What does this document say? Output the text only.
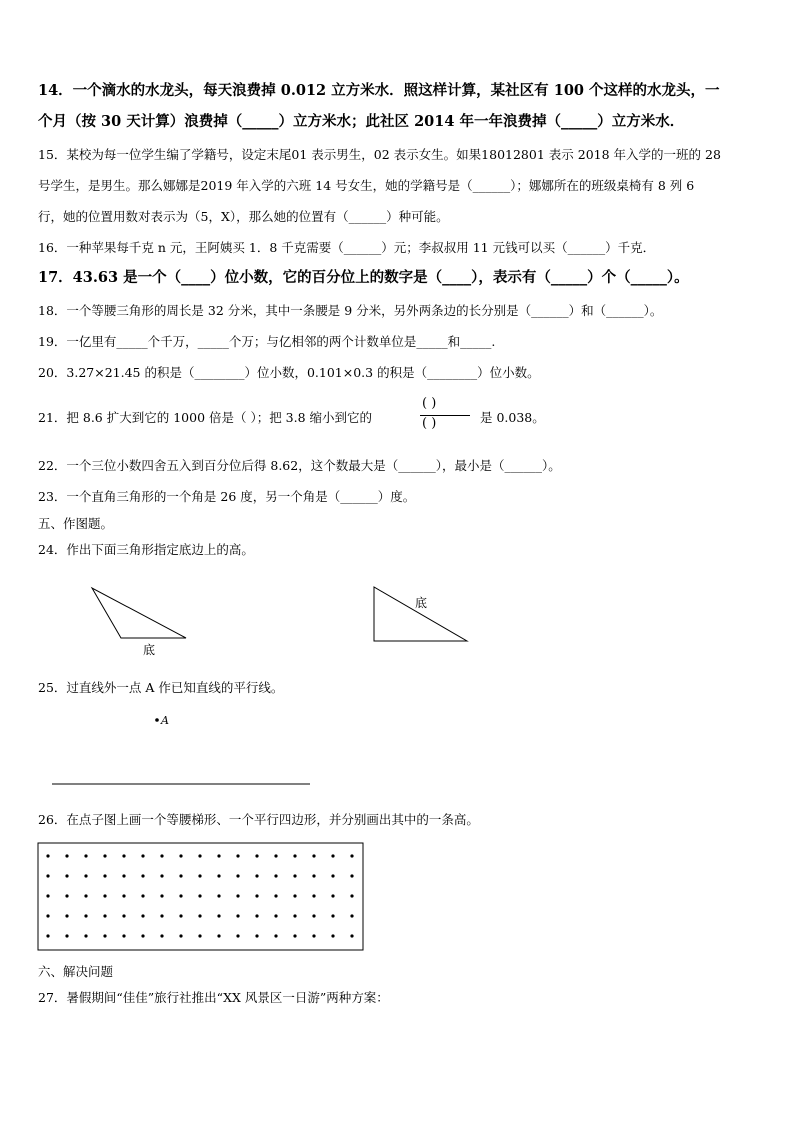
14．一个滴水的水龙头，每天浪费掉 0.012 立方米水．照这样计算，某社区有 100 个这样的水龙头，一
个月（按 30 天计算）浪费掉（_____）立方米水；此社区 2014 年一年浪费掉（_____）立方米水．
15．某校为每一位学生编了学籍号，设定末尾01 表示男生，02 表示女生。如果18012801 表示 2018 年入学的一班的 28
号学生，是男生。那么娜娜是2019 年入学的六班 14 号女生，她的学籍号是（______）；娜娜所在的班级桌椅有 8 列 6
行，她的位置用数对表示为（5，X），那么她的位置有（______）种可能。
16．一种苹果每千克 n 元，王阿姨买 1．8 千克需要（______）元；李叔叔用 11 元钱可以买（______）千克．
17．43.63 是一个（____）位小数，它的百分位上的数字是（____），表示有（_____）个（_____）。
18．一个等腰三角形的周长是 32 分米，其中一条腰是 9 分米，另外两条边的长分别是（______）和（______）。
19．一亿里有_____个千万，_____个万；与亿相邻的两个计数单位是_____和_____.
20．3.27×21.45 的积是（________）位小数，0.101×0.3 的积是（________）位小数。
21．把 8.6 扩大到它的 1000 倍是（ ）；把 3.8 缩小到它的
( )
( )	是 0.038。
22．一个三位小数四舍五入到百分位后得 8.62，这个数最大是（______），最小是（______）。
23．一个直角三角形的一个角是 26 度，另一个角是（______）度。
五、作图题。
24．作出下面三角形指定底边上的高。
底
底
A
25．过直线外一点 A 作已知直线的平行线。
26．在点子图上画一个等腰梯形、一个平行四边形，并分别画出其中的一条高。
六、解决问题
27．暑假期间“佳佳”旅行社推出“XX 风景区一日游”两种方案：
